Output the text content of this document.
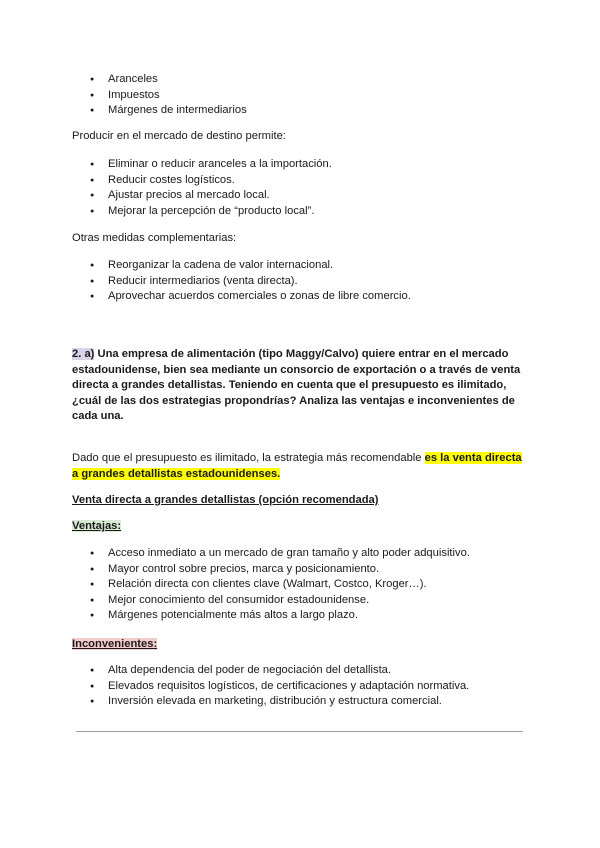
● Aranceles
● Impuestos
● Márgenes de intermediarios
Producir en el mercado de destino permite:
● Eliminar o reducir aranceles a la importación.
● Reducir costes logísticos.
● Ajustar precios al mercado local.
● Mejorar la percepción de “producto local”.
Otras medidas complementarias:
● Reorganizar la cadena de valor internacional.
● Reducir intermediarios (venta directa).
● Aprovechar acuerdos comerciales o zonas de libre comercio.
2. a) Una empresa de alimentación (tipo Maggy/Calvo) quiere entrar en el mercado estadounidense, bien sea mediante un consorcio de exportación o a través de venta directa a grandes detallistas. Teniendo en cuenta que el presupuesto es ilimitado, ¿cuál de las dos estrategias propondrías? Analiza las ventajas e inconvenientes de cada una.
Dado que el presupuesto es ilimitado, la estrategia más recomendable es la venta directa a grandes detallistas estadounidenses.
Venta directa a grandes detallistas (opción recomendada)
Ventajas:
● Acceso inmediato a un mercado de gran tamaño y alto poder adquisitivo.
● Mayor control sobre precios, marca y posicionamiento.
● Relación directa con clientes clave (Walmart, Costco, Kroger…).
● Mejor conocimiento del consumidor estadounidense.
● Márgenes potencialmente más altos a largo plazo.
Inconvenientes:
● Alta dependencia del poder de negociación del detallista.
● Elevados requisitos logísticos, de certificaciones y adaptación normativa.
● Inversión elevada en marketing, distribución y estructura comercial.
